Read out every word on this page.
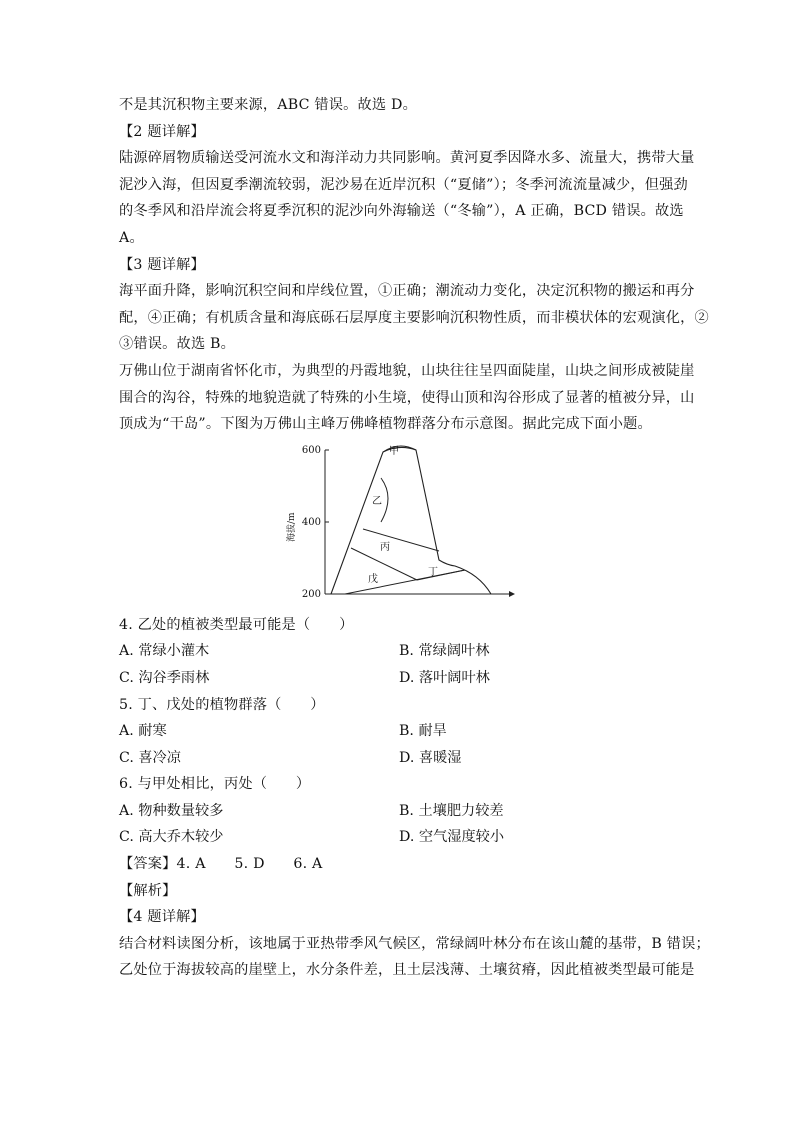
不是其沉积物主要来源，ABC 错误。故选 D。
【2 题详解】
陆源碎屑物质输送受河流水文和海洋动力共同影响。黄河夏季因降水多、流量大，携带大量
泥沙入海，但因夏季潮流较弱，泥沙易在近岸沉积（“夏储”）；冬季河流流量减少，但强劲
的冬季风和沿岸流会将夏季沉积的泥沙向外海输送（“冬输”），A 正确，BCD 错误。故选
A。
【3 题详解】
海平面升降，影响沉积空间和岸线位置，①正确；潮流动力变化，决定沉积物的搬运和再分
配，④正确；有机质含量和海底砾石层厚度主要影响沉积物性质，而非模状体的宏观演化，②
③错误。故选 B。
万佛山位于湖南省怀化市，为典型的丹霞地貌，山块往往呈四面陡崖，山块之间形成被陡崖
围合的沟谷，特殊的地貌造就了特殊的小生境，使得山顶和沟谷形成了显著的植被分异，山
顶成为“干岛”。下图为万佛山主峰万佛峰植物群落分布示意图。据此完成下面小题。
600
400
200
海拔/m
甲
乙
丙
丁
戊
4. 乙处的植被类型最可能是（　　）
A. 常绿小灌木	B. 常绿阔叶林
C. 沟谷季雨林	D. 落叶阔叶林
5. 丁、戊处的植物群落（　　）
A. 耐寒	B. 耐旱
C. 喜冷凉	D. 喜暖湿
6. 与甲处相比，丙处（　　）
A. 物种数量较多	B. 土壤肥力较差
C. 高大乔木较少	D. 空气湿度较小
【答案】4. A　　5. D　　6. A
【解析】
【4 题详解】
结合材料读图分析，该地属于亚热带季风气候区，常绿阔叶林分布在该山麓的基带，B 错误；
乙处位于海拔较高的崖壁上，水分条件差，且土层浅薄、土壤贫瘠，因此植被类型最可能是
